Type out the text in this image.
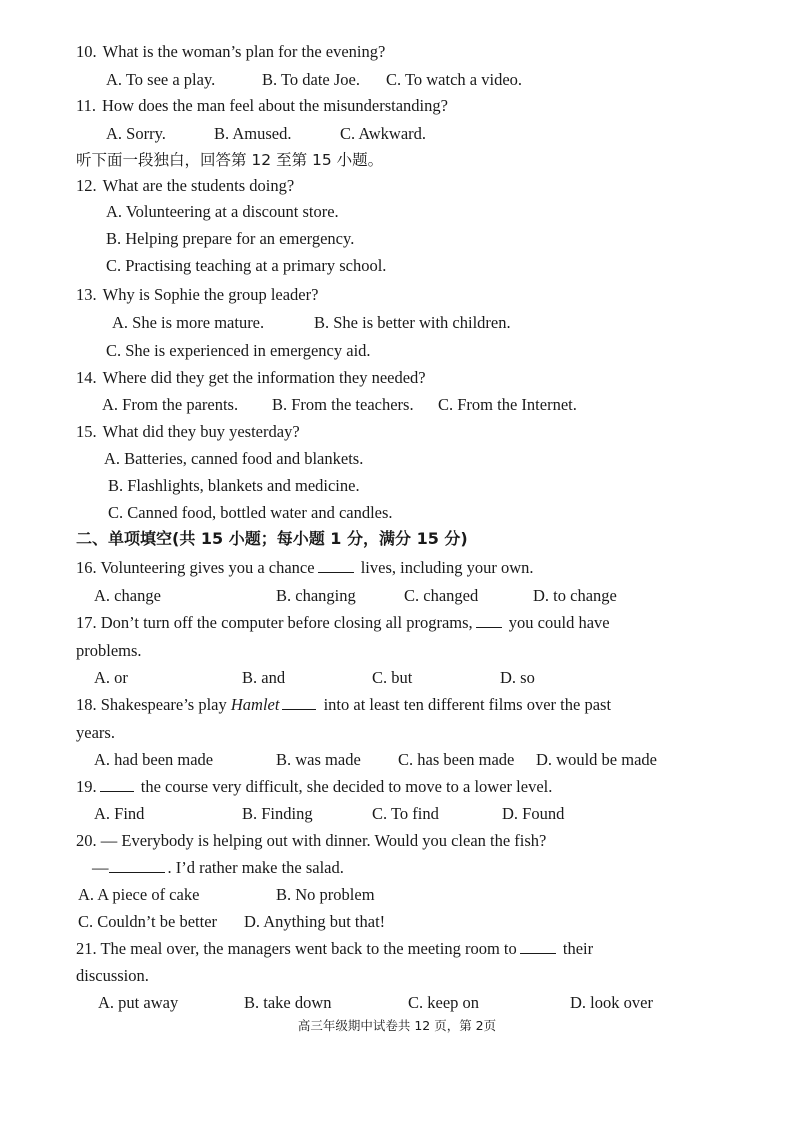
10. What is the woman’s plan for the evening?
A. To see a play.	B. To date Joe. C. To watch a video.
11. How does the man feel about the misunderstanding?
A. Sorry.	B. Amused.	C. Awkward.
听下面一段独白，回答第 12 至第 15 小题。
12. What are the students doing?
A. Volunteering at a discount store.
B. Helping prepare for an emergency.
C. Practising teaching at a primary school.
13. Why is Sophie the group leader?
A. She is more mature.	B. She is better with children.
C. She is experienced in emergency aid.
14. Where did they get the information they needed?
A. From the parents. B. From the teachers. C. From the Internet.
15. What did they buy yesterday?
A. Batteries, canned food and blankets.
B. Flashlights, blankets and medicine.
C. Canned food, bottled water and candles.
二、单项填空(共 15 小题；每小题 1 分，满分 15 分)
16. Volunteering gives you a chance	lives, including your own.
A. change	B. changing	C. changed	D. to change
17. Don’t turn off the computer before closing all programs, you could have
problems.
A. or	B. and	C. but	D. so
18. Shakespeare’s play Hamlet	into at least ten different films over the past
years.
A. had been made	B. was made C. has been made D. would be made
19.	the course very difficult, she decided to move to a lower level.
A. Find	B. Finding	C. To find	D. Found
20. — Everybody is helping out with dinner. Would you clean the fish?
—	. I’d rather make the salad.
A. A piece of cake	B. No problem
C. Couldn’t be better D. Anything but that!
21. The meal over, the managers went back to the meeting room to	their
discussion.
A. put away	B. take down	C. keep on	D. look over
高三年级期中试卷共 12 页，第 2页
